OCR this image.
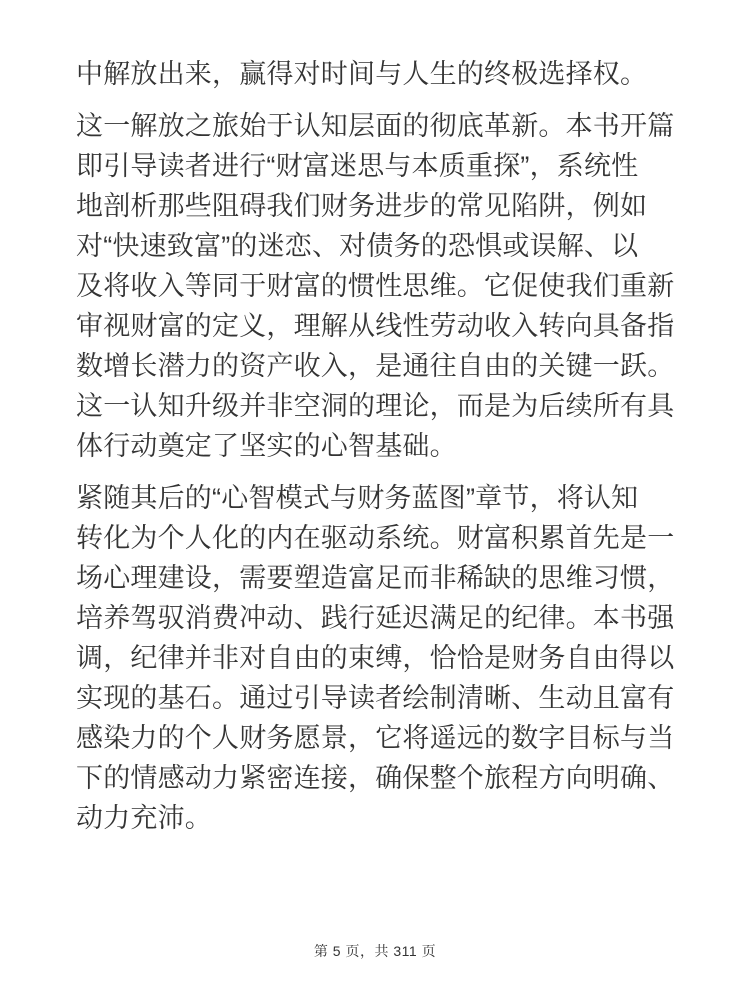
中解放出来，赢得对时间与人生的终极选择权。
这一解放之旅始于认知层面的彻底革新。本书开篇
即引导读者进行“财富迷思与本质重探”，系统性
地剖析那些阻碍我们财务进步的常见陷阱，例如
对“快速致富”的迷恋、对债务的恐惧或误解、以
及将收入等同于财富的惯性思维。它促使我们重新
审视财富的定义，理解从线性劳动收入转向具备指
数增长潜力的资产收入，是通往自由的关键一跃。
这一认知升级并非空洞的理论，而是为后续所有具
体行动奠定了坚实的心智基础。
紧随其后的“心智模式与财务蓝图”章节，将认知
转化为个人化的内在驱动系统。财富积累首先是一
场心理建设，需要塑造富足而非稀缺的思维习惯，
培养驾驭消费冲动、践行延迟满足的纪律。本书强
调，纪律并非对自由的束缚，恰恰是财务自由得以
实现的基石。通过引导读者绘制清晰、生动且富有
感染力的个人财务愿景，它将遥远的数字目标与当
下的情感动力紧密连接，确保整个旅程方向明确、
动力充沛。
第 5 页，共 311 页
